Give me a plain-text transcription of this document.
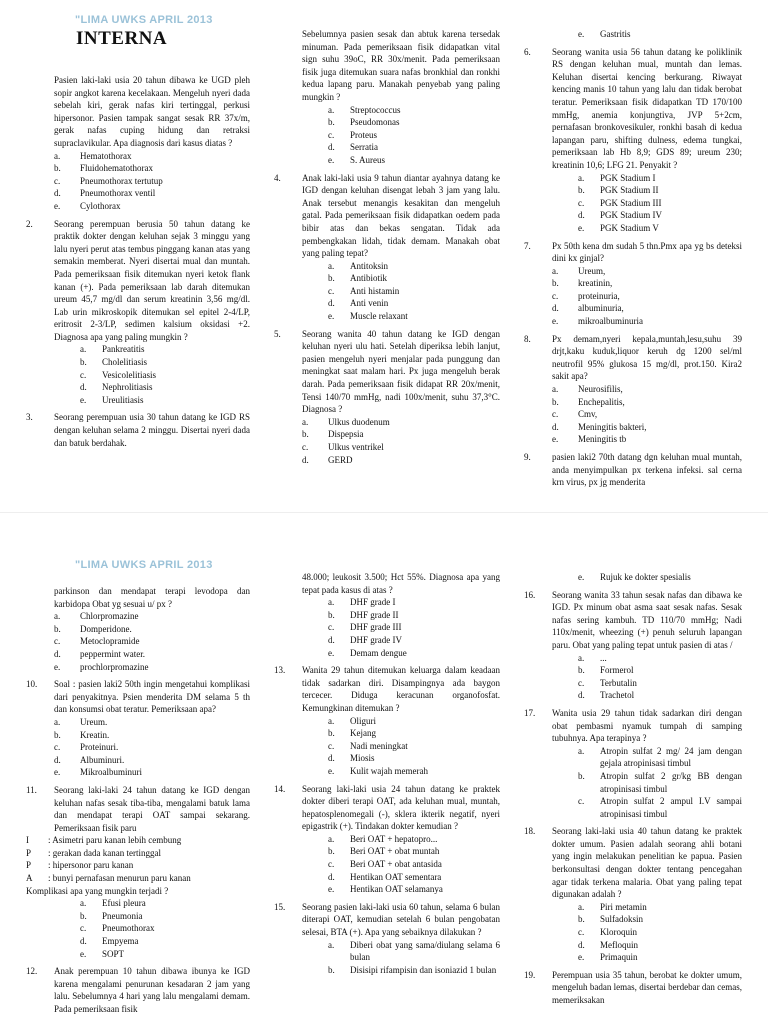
"LIMA UWKS APRIL 2013
INTERNA
Pasien laki-laki usia 20 tahun dibawa ke UGD pleh sopir angkot karena kecelakaan. Mengeluh nyeri dada sebelah kiri, gerak nafas kiri tertinggal, perkusi hipersonor. Pasien tampak sangat sesak RR 37x/m, gerak nafas cuping hidung dan retraksi supraclavikular. Apa diagnosis dari kasus diatas ?
a.	Hematothorax
b.	Fluidohematothorax
c.	Pneumothorax tertutup
d.	Pneumothorax ventil
e.	Cylothorax
2.	Seorang perempuan berusia 50 tahun datang ke praktik dokter dengan keluhan sejak 3 minggu yang lalu nyeri perut atas tembus pinggang kanan atas yang semakin memberat. Nyeri disertai mual dan muntah. Pada pemeriksaan fisik ditemukan nyeri ketok flank kanan (+). Pada pemeriksaan lab darah ditemukan ureum 45,7 mg/dl dan serum kreatinin 3,56 mg/dl. Lab urin mikroskopik ditemukan sel epitel 2-4/LP, eritrosit 2-3/LP, sedimen kalsium oksidasi +2. Diagnosa apa yang paling mungkin ?
a.	Pankreatitis
b.	Cholelitiasis
c.	Vesicolelitiasis
d.	Nephrolitiasis
e.	Ureulitiasis
3.	Seorang perempuan usia 30 tahun datang ke IGD RS dengan keluhan selama 2 minggu. Disertai nyeri dada dan batuk berdahak.
Sebelumnya pasien sesak dan abtuk karena tersedak minuman. Pada pemeriksaan fisik didapatkan vital sign suhu 39oC, RR 30x/menit. Pada pemeriksaan fisik juga ditemukan suara nafas bronkhial dan ronkhi kedua lapang paru. Manakah penyebab yang paling mungkin ?
a.	Streptococcus
b.	Pseudomonas
c.	Proteus
d.	Serratia
e.	S. Aureus
4.	Anak laki-laki usia 9 tahun diantar ayahnya datang ke IGD dengan keluhan disengat lebah 3 jam yang lalu. Anak tersebut menangis kesakitan dan mengeluh gatal. Pada pemeriksaan fisik didapatkan oedem pada bibir atas dan bekas sengatan. Tidak ada pembengkakan lidah, tidak demam. Manakah obat yang paling tepat?
a.	Antitoksin
b.	Antibiotik
c.	Anti histamin
d.	Anti venin
e.	Muscle relaxant
5.	Seorang wanita 40 tahun datang ke IGD dengan keluhan nyeri ulu hati. Setelah diperiksa lebih lanjut, pasien mengeluh nyeri menjalar pada punggung dan meningkat saat malam hari. Px juga mengeluh berak darah. Pada pemeriksaan fisik didapat RR 20x/menit, Tensi 140/70 mmHg, nadi 100x/menit, suhu 37,3°C. Diagnosa ?
a.	Ulkus duodenum
b.	Dispepsia
c.	Ulkus ventrikel
d.	GERD
e.	Gastritis
6.	Seorang wanita usia 56 tahun datang ke poliklinik RS dengan keluhan mual, muntah dan lemas. Keluhan disertai kencing berkurang. Riwayat kencing manis 10 tahun yang lalu dan tidak berobat teratur. Pemeriksaan fisik didapatkan TD 170/100 mmHg, anemia konjungtiva, JVP 5+2cm, pernafasan bronkovesikuler, ronkhi basah di kedua lapangan paru, shifting dulness, edema tungkai, pemeriksaan lab Hb 8,9; GDS 89; ureum 230; kreatinin 10,6; LFG 21. Penyakit ?
a.	PGK Stadium I
b.	PGK Stadium II
c.	PGK Stadium III
d.	PGK Stadium IV
e.	PGK Stadium V
7.	Px 50th kena dm sudah 5 thn.Pmx apa yg bs deteksi dini kx ginjal?
a.	Ureum,
b.	kreatinin,
c.	proteinuria,
d.	albuminuria,
e.	mikroalbuminuria
8.	Px demam,nyeri kepala,muntah,lesu,suhu 39 drjt,kaku kuduk,liquor keruh dg 1200 sel/ml neutrofil 95% glukosa 15 mg/dl, prot.150. Kira2 sakit apa?
a.	Neurosifilis,
b.	Enchepalitis,
c.	Cmv,
d.	Meningitis bakteri,
e.	Meningitis tb
9.	pasien laki2 70th datang dgn keluhan mual muntah, anda menyimpulkan px terkena infeksi. sal cerna krn virus, px jg menderita
"LIMA UWKS APRIL 2013
parkinson dan mendapat terapi levodopa dan karbidopa Obat yg sesuai u/ px ?
a.	Chlorpromazine
b.	Domperidone.
c.	Metoclopramide
d.	peppermint water.
e.	prochlorpromazine
10.	Soal : pasien laki2 50th ingin mengetahui komplikasi dari penyakitnya. Psien menderita DM selama 5 th dan konsumsi obat teratur. Pemeriksaan apa?
a.	Ureum.
b.	Kreatin.
c.	Proteinuri.
d.	Albuminuri.
e.	Mikroalbuminuri
11.	Seorang laki-laki 24 tahun datang ke IGD dengan keluhan nafas sesak tiba-tiba, mengalami batuk lama dan mendapat terapi OAT sampai sekarang. Pemeriksaan fisik paru
I	: Asimetri paru kanan lebih cembung
P	: gerakan dada kanan tertinggal
P	: hipersonor paru kanan
A	: bunyi pernafasan menurun paru kanan
Komplikasi apa yang mungkin terjadi ?
a.	Efusi pleura
b.	Pneumonia
c.	Pneumothorax
d.	Empyema
e.	SOPT
12.	Anak perempuan 10 tahun dibawa ibunya ke IGD karena mengalami penurunan kesadaran 2 jam yang lalu. Sebelumnya 4 hari yang lalu mengalami demam. Pada pemeriksaan fisik
48.000; leukosit 3.500; Hct 55%. Diagnosa apa yang tepat pada kasus di atas ?
a.	DHF grade I
b.	DHF grade II
c.	DHF grade III
d.	DHF grade IV
e.	Demam dengue
13.	Wanita 29 tahun ditemukan keluarga dalam keadaan tidak sadarkan diri. Disampingnya ada baygon tercecer. Diduga keracunan organofosfat. Kemungkinan ditemukan ?
a.	Oliguri
b.	Kejang
c.	Nadi meningkat
d.	Miosis
e.	Kulit wajah memerah
14.	Seorang laki-laki usia 24 tahun datang ke praktek dokter diberi terapi OAT, ada keluhan mual, muntah, hepatosplenomegali (-), sklera ikterik negatif, nyeri epigastrik (+). Tindakan dokter kemudian ?
a.	Beri OAT + hepatopro...
b.	Beri OAT + obat muntah
c.	Beri OAT + obat antasida
d.	Hentikan OAT sementara
e.	Hentikan OAT selamanya
15.	Seorang pasien laki-laki usia 60 tahun, selama 6 bulan diterapi OAT, kemudian setelah 6 bulan pengobatan selesai, BTA (+). Apa yang sebaiknya dilakukan ?
a.	Diberi obat yang sama/diulang selama 6 bulan
b.	Disisipi rifampisin dan isoniazid 1 bulan
e.	Rujuk ke dokter spesialis
16.	Seorang wanita 33 tahun sesak nafas dan dibawa ke IGD. Px minum obat asma saat sesak nafas. Sesak nafas sering kambuh. TD 110/70 mmHg; Nadi 110x/menit, wheezing (+) penuh seluruh lapangan paru. Obat yang paling tepat untuk pasien di atas /
a.	...
b.	Formerol
c.	Terbutalin
d.	Trachetol
17.	Wanita usia 29 tahun tidak sadarkan diri dengan obat pembasmi nyamuk tumpah di samping tubuhnya. Apa terapinya ?
a.	Atropin sulfat 2 mg/ 24 jam dengan gejala atropinisasi timbul
b.	Atropin sulfat 2 gr/kg BB dengan atropinisasi timbul
c.	Atropin sulfat 2 ampul I.V sampai atropinisasi timbul
18.	Seorang laki-laki usia 40 tahun datang ke praktek dokter umum. Pasien adalah seorang ahli botani yang ingin melakukan penelitian ke papua. Pasien berkonsultasi dengan dokter tentang pencegahan agar tidak terkena malaria. Obat yang paling tepat digunakan adalah ?
a.	Piri metamin
b.	Sulfadoksin
c.	Kloroquin
d.	Mefloquin
e.	Primaquin
19.	Perempuan usia 35 tahun, berobat ke dokter umum, mengeluh badan lemas, disertai berdebar dan cemas, memeriksakan
